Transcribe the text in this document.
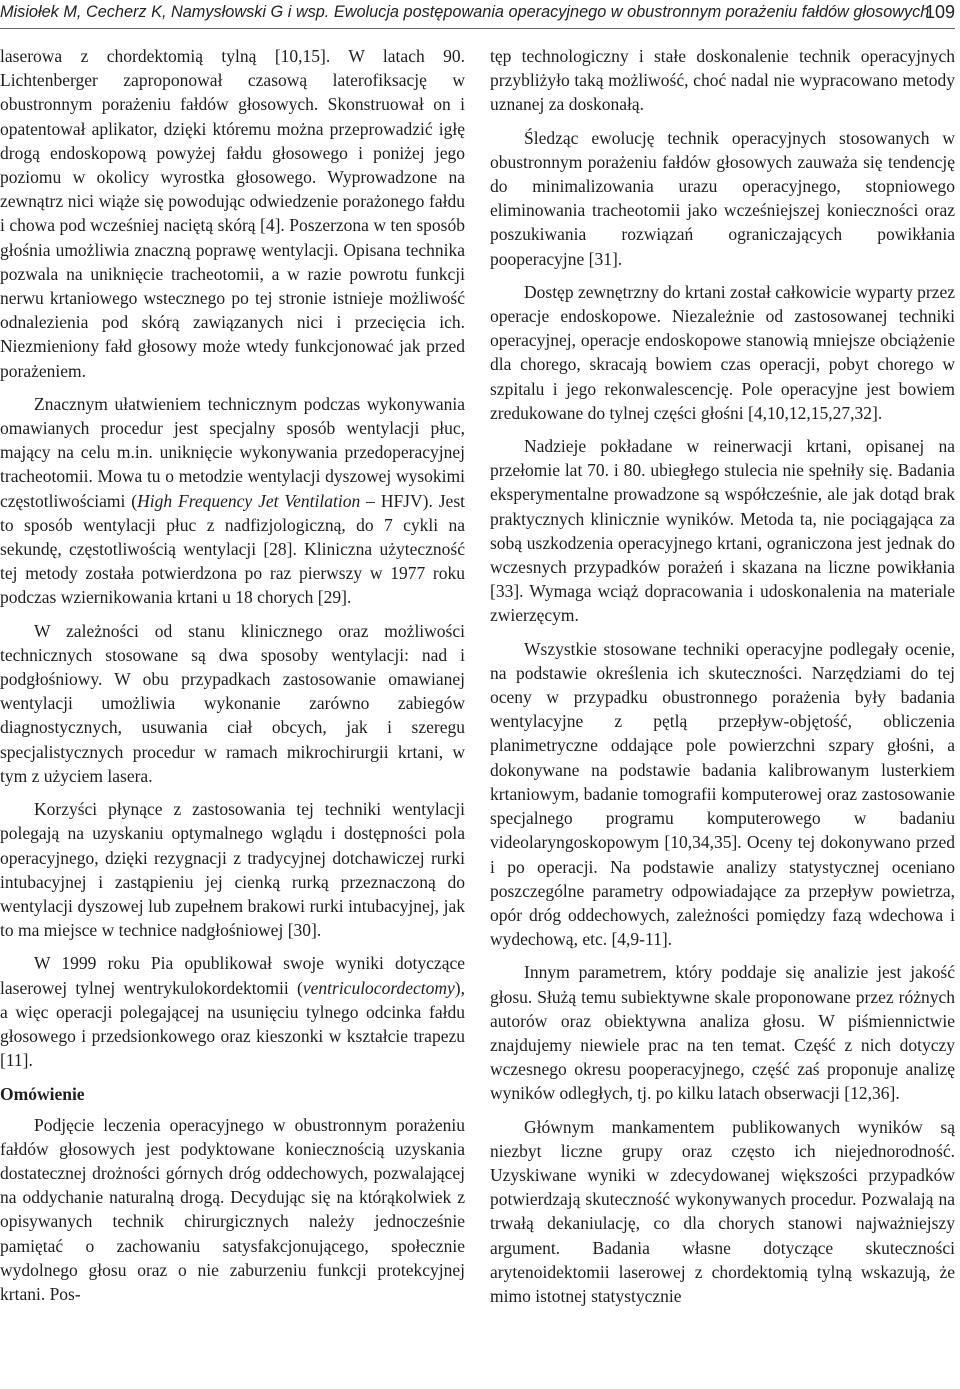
Misiołek M, Cecherz K, Namysłowski G i wsp. Ewolucja postępowania operacyjnego w obustronnym porażeniu fałdów głosowych
109

laserowa z chordektomią tylną [10,15]. W latach 90. Lichtenberger zaproponował czasową laterofiksację w obustronnym porażeniu fałdów głosowych. Skonstruował on i opatentował aplikator, dzięki któremu można przeprowadzić igłę drogą endoskopową powyżej fałdu głosowego i poniżej jego poziomu w okolicy wyrostka głosowego. Wyprowadzone na zewnątrz nici wiąże się powodując odwiedzenie porażonego fałdu i chowa pod wcześniej naciętą skórą [4]. Poszerzona w ten sposób głośnia umożliwia znaczną poprawę wentylacji. Opisana technika pozwala na uniknięcie tracheotomii, a w razie powrotu funkcji nerwu krtaniowego wstecznego po tej stronie istnieje możliwość odnalezienia pod skórą zawiązanych nici i przecięcia ich. Niezmieniony fałd głosowy może wtedy funkcjonować jak przed porażeniem.

Znacznym ułatwieniem technicznym podczas wykonywania omawianych procedur jest specjalny sposób wentylacji płuc, mający na celu m.in. uniknięcie wykonywania przedoperacyjnej tracheotomii. Mowa tu o metodzie wentylacji dyszowej wysokimi częstotliwościami (High Frequency Jet Ventilation – HFJV). Jest to sposób wentylacji płuc z nadfizjologiczną, do 7 cykli na sekundę, częstotliwością wentylacji [28]. Kliniczna użyteczność tej metody została potwierdzona po raz pierwszy w 1977 roku podczas wziernikowania krtani u 18 chorych [29].

W zależności od stanu klinicznego oraz możliwości technicznych stosowane są dwa sposoby wentylacji: nad i podgłośniowy. W obu przypadkach zastosowanie omawianej wentylacji umożliwia wykonanie zarówno zabiegów diagnostycznych, usuwania ciał obcych, jak i szeregu specjalistycznych procedur w ramach mikrochirurgii krtani, w tym z użyciem lasera.

Korzyści płynące z zastosowania tej techniki wentylacji polegają na uzyskaniu optymalnego wglądu i dostępności pola operacyjnego, dzięki rezygnacji z tradycyjnej dotchawiczej rurki intubacyjnej i zastąpieniu jej cienką rurką przeznaczoną do wentylacji dyszowej lub zupełnem brakowi rurki intubacyjnej, jak to ma miejsce w technice nadgłośniowej [30].

W 1999 roku Pia opublikował swoje wyniki dotyczące laserowej tylnej wentrykulokordektomii (ventriculocordectomy), a więc operacji polegającej na usunięciu tylnego odcinka fałdu głosowego i przedsionkowego oraz kieszonki w kształcie trapezu [11].

Omówienie

Podjęcie leczenia operacyjnego w obustronnym porażeniu fałdów głosowych jest podyktowane koniecznością uzyskania dostatecznej drożności górnych dróg oddechowych, pozwalającej na oddychanie naturalną drogą. Decydując się na którąkolwiek z opisywanych technik chirurgicznych należy jednocześnie pamiętać o zachowaniu satysfakcjonującego, społecznie wydolnego głosu oraz o nie zaburzeniu funkcji protekcyjnej krtani. Pos-

tęp technologiczny i stałe doskonalenie technik operacyjnych przybliżyło taką możliwość, choć nadal nie wypracowano metody uznanej za doskonałą.

Śledząc ewolucję technik operacyjnych stosowanych w obustronnym porażeniu fałdów głosowych zauważa się tendencję do minimalizowania urazu operacyjnego, stopniowego eliminowania tracheotomii jako wcześniejszej konieczności oraz poszukiwania rozwiązań ograniczających powikłania pooperacyjne [31].

Dostęp zewnętrzny do krtani został całkowicie wyparty przez operacje endoskopowe. Niezależnie od zastosowanej techniki operacyjnej, operacje endoskopowe stanowią mniejsze obciążenie dla chorego, skracają bowiem czas operacji, pobyt chorego w szpitalu i jego rekonwalescencję. Pole operacyjne jest bowiem zredukowane do tylnej części głośni [4,10,12,15,27,32].

Nadzieje pokładane w reinerwacji krtani, opisanej na przełomie lat 70. i 80. ubiegłego stulecia nie spełniły się. Badania eksperymentalne prowadzone są współcześnie, ale jak dotąd brak praktycznych klinicznie wyników. Metoda ta, nie pociągająca za sobą uszkodzenia operacyjnego krtani, ograniczona jest jednak do wczesnych przypadków porażeń i skazana na liczne powikłania [33]. Wymaga wciąż dopracowania i udoskonalenia na materiale zwierzęcym.

Wszystkie stosowane techniki operacyjne podlegały ocenie, na podstawie określenia ich skuteczności. Narzędziami do tej oceny w przypadku obustronnego porażenia były badania wentylacyjne z pętlą przepływ-objętość, obliczenia planimetryczne oddające pole powierzchni szpary głośni, a dokonywane na podstawie badania kalibrowanym lusterkiem krtaniowym, badanie tomografii komputerowej oraz zastosowanie specjalnego programu komputerowego w badaniu videolaryngoskopowym [10,34,35]. Oceny tej dokonywano przed i po operacji. Na podstawie analizy statystycznej oceniano poszczególne parametry odpowiadające za przepływ powietrza, opór dróg oddechowych, zależności pomiędzy fazą wdechowa i wydechową, etc. [4,9-11].

Innym parametrem, który poddaje się analizie jest jakość głosu. Służą temu subiektywne skale proponowane przez różnych autorów oraz obiektywna analiza głosu. W piśmiennictwie znajdujemy niewiele prac na ten temat. Część z nich dotyczy wczesnego okresu pooperacyjnego, część zaś proponuje analizę wyników odległych, tj. po kilku latach obserwacji [12,36].

Głównym mankamentem publikowanych wyników są niezbyt liczne grupy oraz często ich niejednorodność. Uzyskiwane wyniki w zdecydowanej większości przypadków potwierdzają skuteczność wykonywanych procedur. Pozwalają na trwałą dekaniulację, co dla chorych stanowi najważniejszy argument. Badania własne dotyczące skuteczności arytenoidektomii laserowej z chordektomią tylną wskazują, że mimo istotnej statystycznie
